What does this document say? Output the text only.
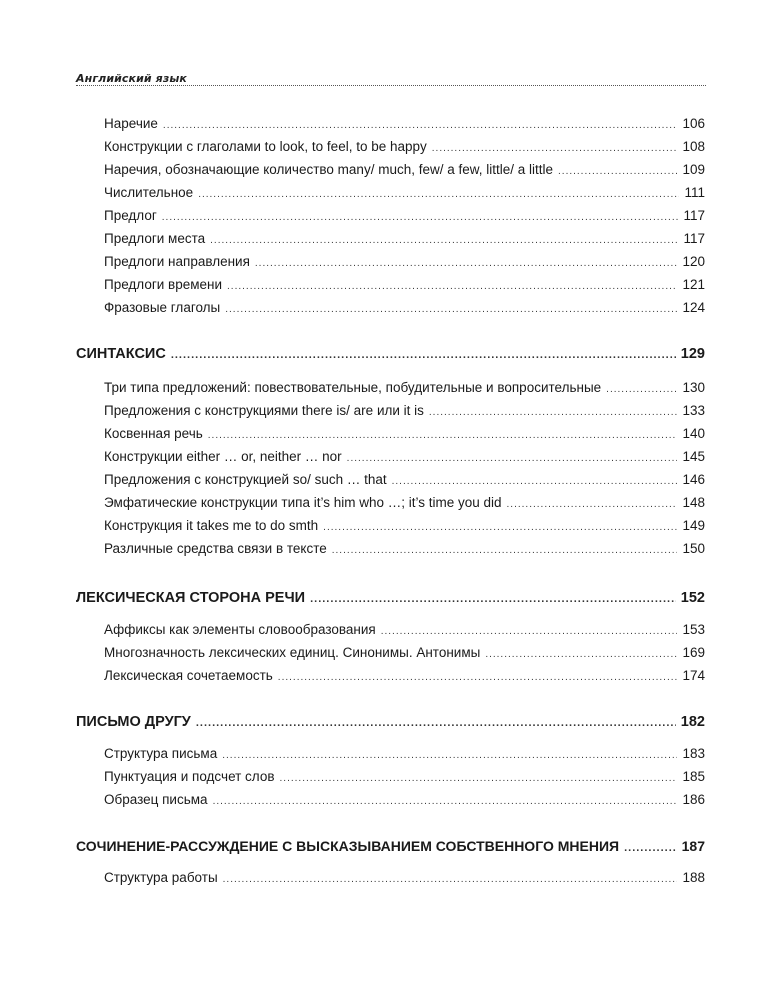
Английский язык
Наречие .....	106
Конструкции с глаголами to look, to feel, to be happy .....	108
Наречия, обозначающие количество many/ much, few/ a few, little/ a little .....	109
Числительное .....	111
Предлог .....	117
Предлоги места .....	117
Предлоги направления .....	120
Предлоги времени .....	121
Фразовые глаголы .....	124
СИНТАКСИС .....	129
Три типа предложений: повествовательные, побудительные и вопросительные .....	130
Предложения с конструкциями there is/ are или it is .....	133
Косвенная речь .....	140
Конструкции either … or, neither … nor .....	145
Предложения с конструкцией so/ such … that .....	146
Эмфатические конструкции типа it’s him who …; it’s time you did .....	148
Конструкция it takes me to do smth .....	149
Различные средства связи в тексте .....	150
ЛЕКСИЧЕСКАЯ СТОРОНА РЕЧИ .....	152
Аффиксы как элементы словообразования .....	153
Многозначность лексических единиц. Синонимы. Антонимы .....	169
Лексическая сочетаемость .....	174
ПИСЬМО ДРУГУ .....	182
Структура письма .....	183
Пунктуация и подсчет слов .....	185
Образец письма .....	186
СОЧИНЕНИЕ-РАССУЖДЕНИЕ С ВЫСКАЗЫВАНИЕМ СОБСТВЕННОГО МНЕНИЯ .....	187
Структура работы .....	188
